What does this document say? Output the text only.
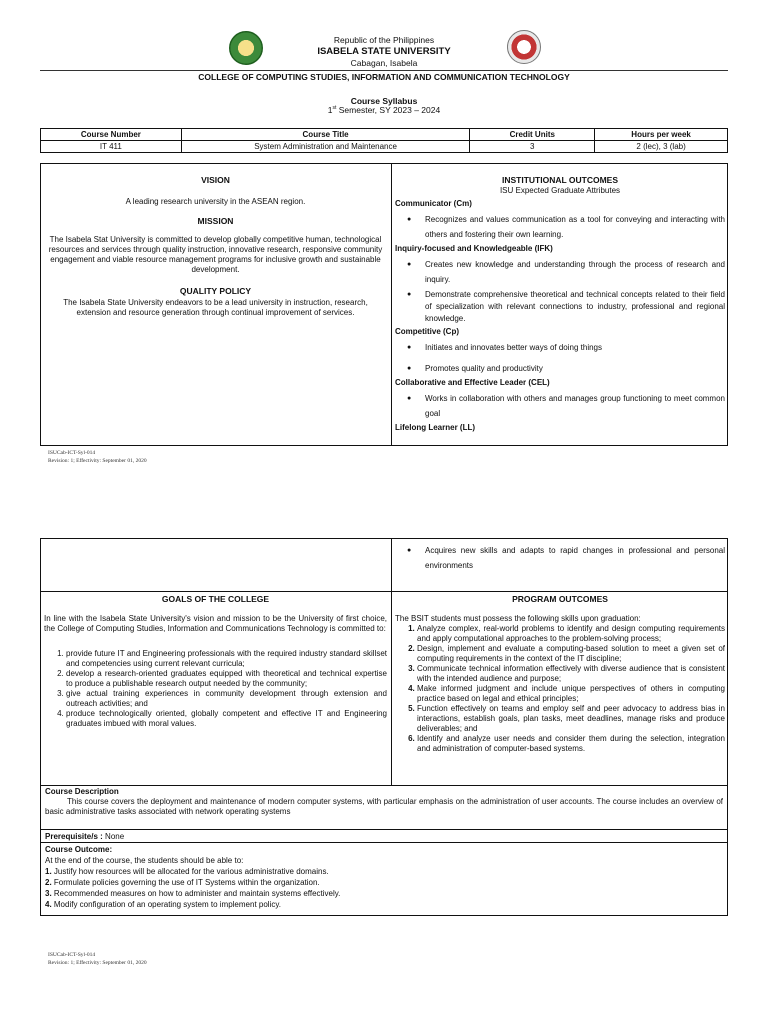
Republic of the Philippines
ISABELA STATE UNIVERSITY
Cabagan, Isabela
COLLEGE OF COMPUTING STUDIES, INFORMATION AND COMMUNICATION TECHNOLOGY
Course Syllabus
1st Semester, SY 2023 – 2024
Course Number	Course Title	Credit Units	Hours per week
IT 411	System Administration and Maintenance	3	2 (lec), 3 (lab)
VISION
A leading research university in the ASEAN region.
MISSION
The Isabela Stat University is committed to develop globally competitive human, technological resources and services through quality instruction, innovative research, responsive community engagement and viable resource management programs for inclusive growth and sustainable development.
QUALITY POLICY
The Isabela State University endeavors to be a lead university in instruction, research, extension and resource generation through continual improvement of services.
INSTITUTIONAL OUTCOMES
ISU Expected Graduate Attributes
Communicator (Cm)
● Recognizes and values communication as a tool for conveying and interacting with others and fostering their own learning.
Inquiry-focused and Knowledgeable (IFK)
● Creates new knowledge and understanding through the process of research and inquiry.
● Demonstrate comprehensive theoretical and technical concepts related to their field of specialization with relevant connections to industry, professional and regional knowledge.
Competitive (Cp)
● Initiates and innovates better ways of doing things
● Promotes quality and productivity
Collaborative and Effective Leader (CEL)
● Works in collaboration with others and manages group functioning to meet common goal
Lifelong Learner (LL)
ISUCab-ICT-Syl-014
Revision: 1; Effectivity: September 01, 2020
● Acquires new skills and adapts to rapid changes in professional and personal environments
GOALS OF THE COLLEGE
In line with the Isabela State University's vision and mission to be the University of first choice, the College of Computing Studies, Information and Communications Technology is committed to:
1. provide future IT and Engineering professionals with the required industry standard skillset and competencies using current relevant curricula;
2. develop a research-oriented graduates equipped with theoretical and technical expertise to produce a publishable research output needed by the community;
3. give actual training experiences in community development through extension and outreach activities; and
4. produce technologically oriented, globally competent and effective IT and Engineering graduates imbued with moral values.
PROGRAM OUTCOMES
The BSIT students must possess the following skills upon graduation:
1. Analyze complex, real-world problems to identify and design computing requirements and apply computational approaches to the problem-solving process;
2. Design, implement and evaluate a computing-based solution to meet a given set of computing requirements in the context of the IT discipline;
3. Communicate technical information effectively with diverse audience that is consistent with the intended audience and purpose;
4. Make informed judgment and include unique perspectives of others in computing practice based on legal and ethical principles;
5. Function effectively on teams and employ self and peer advocacy to address bias in interactions, establish goals, plan tasks, meet deadlines, manage risks and produce deliverables; and
6. Identify and analyze user needs and consider them during the selection, integration and administration of computer-based systems.
Course Description
This course covers the deployment and maintenance of modern computer systems, with particular emphasis on the administration of user accounts. The course includes an overview of basic administrative tasks associated with network operating systems
Prerequisite/s : None
Course Outcome:
At the end of the course, the students should be able to:
1. Justify how resources will be allocated for the various administrative domains.
2. Formulate policies governing the use of IT Systems within the organization.
3. Recommended measures on how to administer and maintain systems effectively.
4. Modify configuration of an operating system to implement policy.
ISUCab-ICT-Syl-014
Revision: 1; Effectivity: September 01, 2020
